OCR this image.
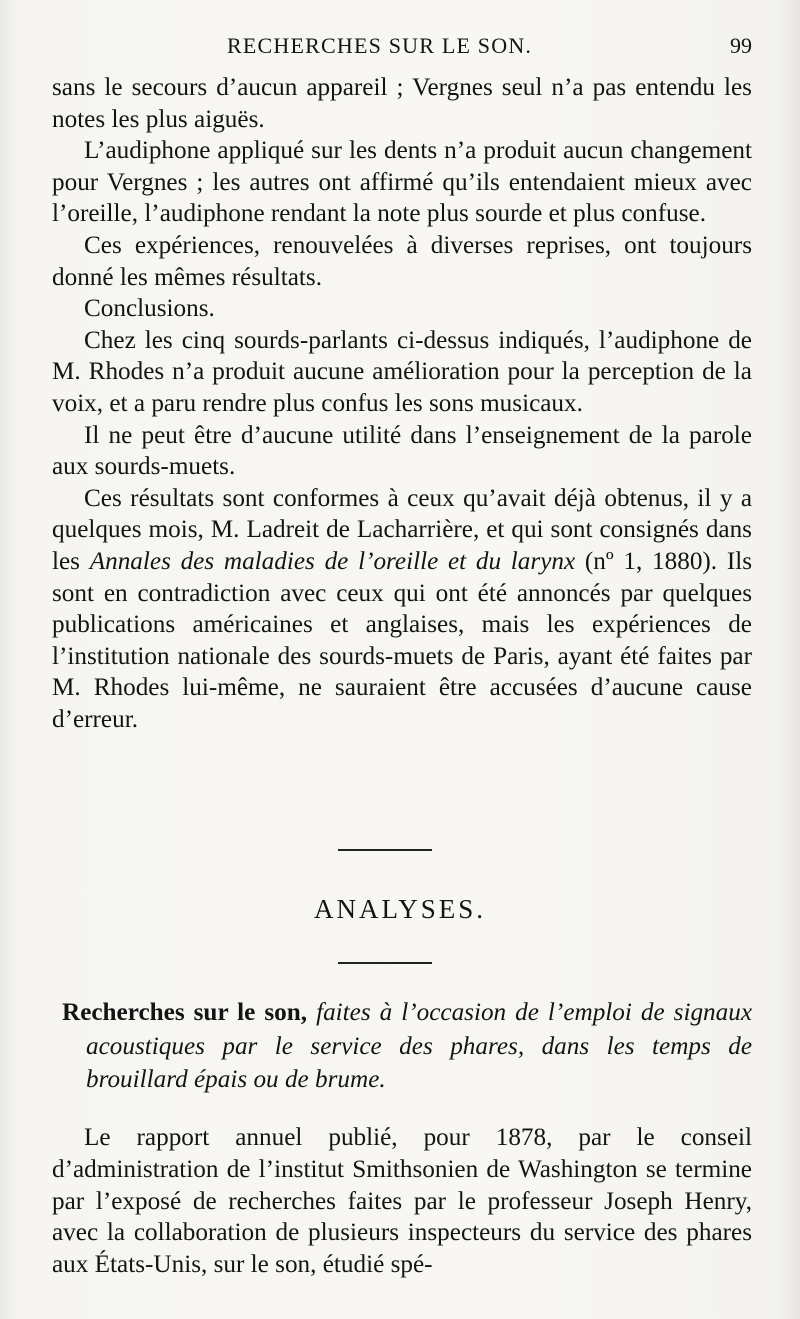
RECHERCHES SUR LE SON.	99

sans le secours d’aucun appareil ; Vergnes seul n’a pas entendu les notes les plus aiguës.

L’audiphone appliqué sur les dents n’a produit aucun changement pour Vergnes ; les autres ont affirmé qu’ils entendaient mieux avec l’oreille, l’audiphone rendant la note plus sourde et plus confuse.

Ces expériences, renouvelées à diverses reprises, ont toujours donné les mêmes résultats.

Conclusions.

Chez les cinq sourds-parlants ci-dessus indiqués, l’audiphone de M. Rhodes n’a produit aucune amélioration pour la perception de la voix, et a paru rendre plus confus les sons musicaux.

Il ne peut être d’aucune utilité dans l’enseignement de la parole aux sourds-muets.

Ces résultats sont conformes à ceux qu’avait déjà obtenus, il y a quelques mois, M. Ladreit de Lacharrière, et qui sont consignés dans les Annales des maladies de l’oreille et du larynx (nº 1, 1880). Ils sont en contradiction avec ceux qui ont été annoncés par quelques publications américaines et anglaises, mais les expériences de l’institution nationale des sourds-muets de Paris, ayant été faites par M. Rhodes lui-même, ne sauraient être accusées d’aucune cause d’erreur.

ANALYSES.

Recherches sur le son, faites à l’occasion de l’emploi de signaux acoustiques par le service des phares, dans les temps de brouillard épais ou de brume.

Le rapport annuel publié, pour 1878, par le conseil d’administration de l’institut Smithsonien de Washington se termine par l’exposé de recherches faites par le professeur Joseph Henry, avec la collaboration de plusieurs inspecteurs du service des phares aux États-Unis, sur le son, étudié spé-
